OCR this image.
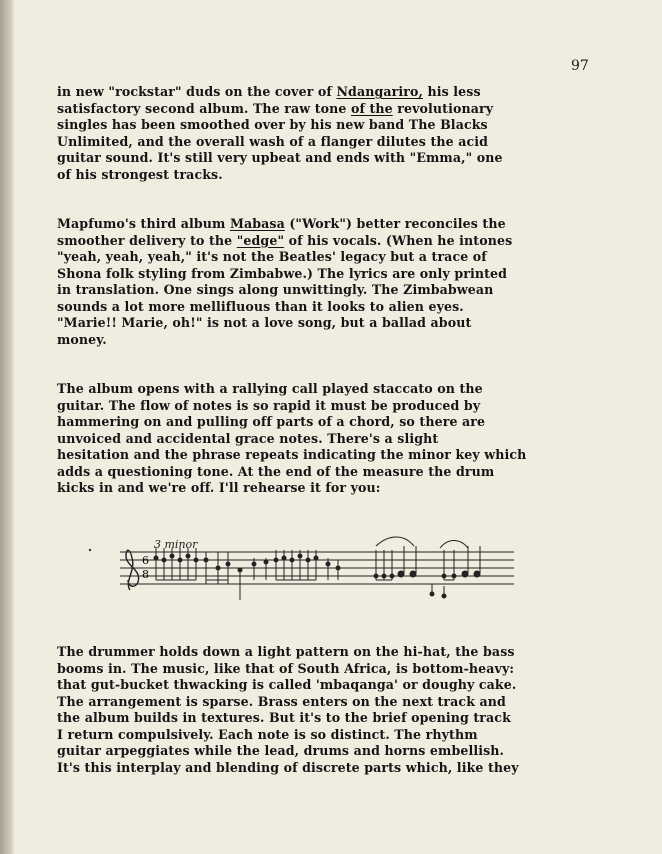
97
in new "rockstar" duds on the cover of Ndangariro, his less
satisfactory second album. The raw tone of the revolutionary
singles has been smoothed over by his new band The Blacks
Unlimited, and the overall wash of a flanger dilutes the acid
guitar sound. It's still very upbeat and ends with "Emma," one
of his strongest tracks.
Mapfumo's third album Mabasa ("Work") better reconciles the
smoother delivery to the "edge" of his vocals. (When he intones
"yeah, yeah, yeah," it's not the Beatles' legacy but a trace of
Shona folk styling from Zimbabwe.) The lyrics are only printed
in translation. One sings along unwittingly. The Zimbabwean
sounds a lot more mellifluous than it looks to alien eyes.
"Marie!! Marie, oh!" is not a love song, but a ballad about
money.
The album opens with a rallying call played staccato on the
guitar. The flow of notes is so rapid it must be produced by
hammering on and pulling off parts of a chord, so there are
unvoiced and accidental grace notes. There's a slight
hesitation and the phrase repeats indicating the minor key which
adds a questioning tone. At the end of the measure the drum
kicks in and we're off. I'll rehearse it for you:
3 minor
6
8
The drummer holds down a light pattern on the hi-hat, the bass
booms in. The music, like that of South Africa, is bottom-heavy:
that gut-bucket thwacking is called 'mbaqanga' or doughy cake.
The arrangement is sparse. Brass enters on the next track and
the album builds in textures. But it's to the brief opening track
I return compulsively. Each note is so distinct. The rhythm
guitar arpeggiates while the lead, drums and horns embellish.
It's this interplay and blending of discrete parts which, like they
